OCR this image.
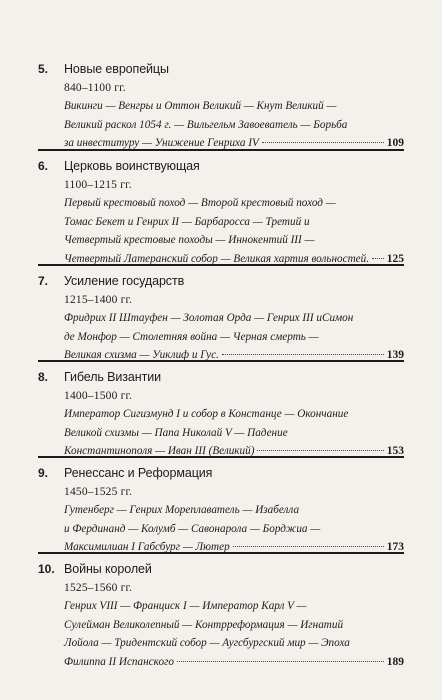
5.	Новые европейцы
840–1100 гг.
Викинги — Венгры и Оттон Великий — Кнут Великий —
Великий раскол 1054 г. — Вильгельм Завоеватель — Борьба
за инвеституру — Унижение Генриха IV	109
6.	Церковь воинствующая
1100–1215 гг.
Первый крестовый поход — Второй крестовый поход —
Томас Бекет и Генрих II — Барбаросса — Третий и
Четвертый крестовые походы — Иннокентий III —
Четвертый Латеранский собор — Великая хартия вольностей. 125
7.	Усиление государств
1215–1400 гг.
Фридрих II Штауфен — Золотая Орда — Генрих III иСимон
де Монфор — Столетняя война — Черная смерть —
Великая схизма — Уиклиф и Гус.	139
8.	Гибель Византии
1400–1500 гг.
Император Сигизмунд I и собор в Констанце — Окончание
Великой схизмы — Папа Николай V — Падение
Константинополя — Иван III (Великий)	153
9.	Ренессанс и Реформация
1450–1525 гг.
Гутенберг — Генрих Мореплаватель — Изабелла
и Фердинанд — Колумб — Савонарола — Борджиа —
Максимилиан I Габсбург — Лютер	173
10. Войны королей
1525–1560 гг.
Генрих VIII — Франциск I — Император Карл V —
Сулейман Великолепный — Контрреформация — Игнатий
Лойола — Тридентский собор — Аугсбургский мир — Эпоха
Филиппа II Испанского	189
